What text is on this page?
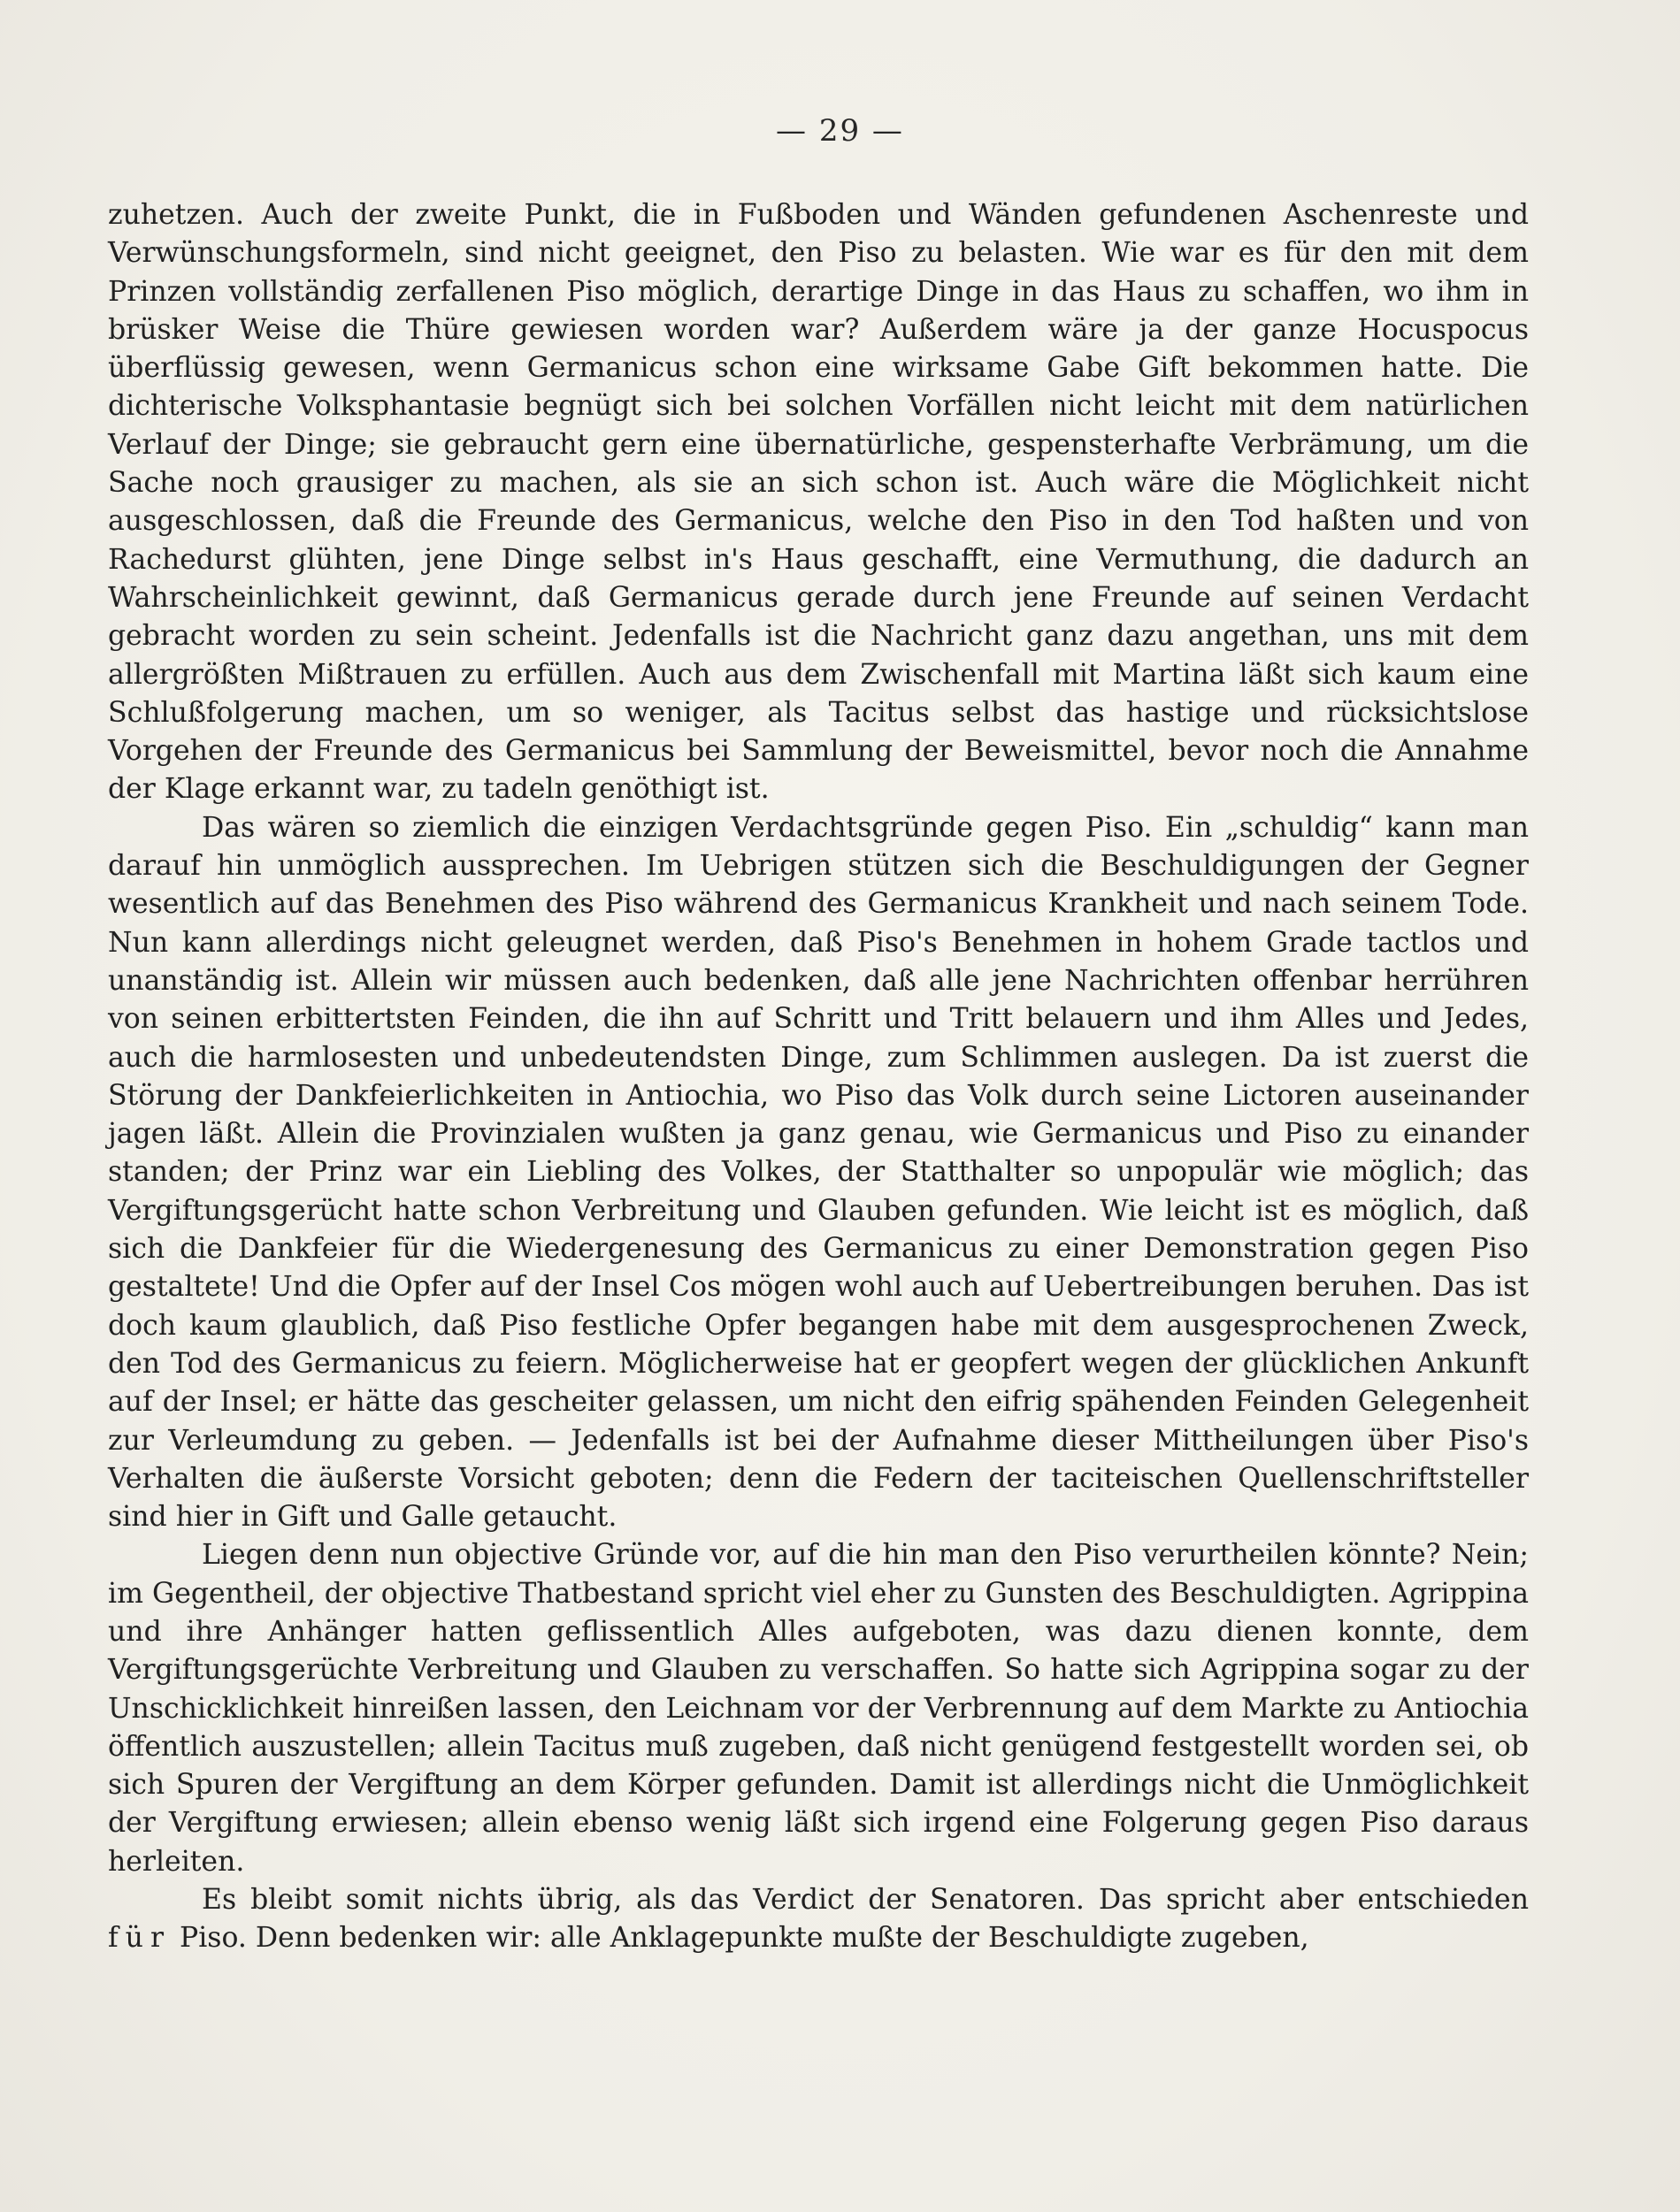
— 29 —

zuhetzen. Auch der zweite Punkt, die in Fußboden und Wänden gefundenen Aschenreste und Verwünschungsformeln, sind nicht geeignet, den Piso zu belasten. Wie war es für den mit dem Prinzen vollständig zerfallenen Piso möglich, derartige Dinge in das Haus zu schaffen, wo ihm in brüsker Weise die Thüre gewiesen worden war? Außerdem wäre ja der ganze Hocuspocus überflüssig gewesen, wenn Germanicus schon eine wirksame Gabe Gift bekommen hatte. Die dichterische Volksphantasie begnügt sich bei solchen Vorfällen nicht leicht mit dem natürlichen Verlauf der Dinge; sie gebraucht gern eine übernatürliche, gespensterhafte Verbrämung, um die Sache noch grausiger zu machen, als sie an sich schon ist. Auch wäre die Möglichkeit nicht ausgeschlossen, daß die Freunde des Germanicus, welche den Piso in den Tod haßten und von Rachedurst glühten, jene Dinge selbst in's Haus geschafft, eine Vermuthung, die dadurch an Wahrscheinlichkeit gewinnt, daß Germanicus gerade durch jene Freunde auf seinen Verdacht gebracht worden zu sein scheint. Jedenfalls ist die Nachricht ganz dazu angethan, uns mit dem allergrößten Mißtrauen zu erfüllen. Auch aus dem Zwischenfall mit Martina läßt sich kaum eine Schlußfolgerung machen, um so weniger, als Tacitus selbst das hastige und rücksichtslose Vorgehen der Freunde des Germanicus bei Sammlung der Beweismittel, bevor noch die Annahme der Klage erkannt war, zu tadeln genöthigt ist.

Das wären so ziemlich die einzigen Verdachtsgründe gegen Piso. Ein „schuldig“ kann man darauf hin unmöglich aussprechen. Im Uebrigen stützen sich die Beschuldigungen der Gegner wesentlich auf das Benehmen des Piso während des Germanicus Krankheit und nach seinem Tode. Nun kann allerdings nicht geleugnet werden, daß Piso's Benehmen in hohem Grade tactlos und unanständig ist. Allein wir müssen auch bedenken, daß alle jene Nachrichten offenbar herrühren von seinen erbittertsten Feinden, die ihn auf Schritt und Tritt belauern und ihm Alles und Jedes, auch die harmlosesten und unbedeutendsten Dinge, zum Schlimmen auslegen. Da ist zuerst die Störung der Dankfeierlichkeiten in Antiochia, wo Piso das Volk durch seine Lictoren auseinander jagen läßt. Allein die Provinzialen wußten ja ganz genau, wie Germanicus und Piso zu einander standen; der Prinz war ein Liebling des Volkes, der Statthalter so unpopulär wie möglich; das Vergiftungsgerücht hatte schon Verbreitung und Glauben gefunden. Wie leicht ist es möglich, daß sich die Dankfeier für die Wiedergenesung des Germanicus zu einer Demonstration gegen Piso gestaltete! Und die Opfer auf der Insel Cos mögen wohl auch auf Uebertreibungen beruhen. Das ist doch kaum glaublich, daß Piso festliche Opfer begangen habe mit dem ausgesprochenen Zweck, den Tod des Germanicus zu feiern. Möglicherweise hat er geopfert wegen der glücklichen Ankunft auf der Insel; er hätte das gescheiter gelassen, um nicht den eifrig spähenden Feinden Gelegenheit zur Verleumdung zu geben. — Jedenfalls ist bei der Aufnahme dieser Mittheilungen über Piso's Verhalten die äußerste Vorsicht geboten; denn die Federn der taciteischen Quellenschriftsteller sind hier in Gift und Galle getaucht.

Liegen denn nun objective Gründe vor, auf die hin man den Piso verurtheilen könnte? Nein; im Gegentheil, der objective Thatbestand spricht viel eher zu Gunsten des Beschuldigten. Agrippina und ihre Anhänger hatten geflissentlich Alles aufgeboten, was dazu dienen konnte, dem Vergiftungsgerüchte Verbreitung und Glauben zu verschaffen. So hatte sich Agrippina sogar zu der Unschicklichkeit hinreißen lassen, den Leichnam vor der Verbrennung auf dem Markte zu Antiochia öffentlich auszustellen; allein Tacitus muß zugeben, daß nicht genügend festgestellt worden sei, ob sich Spuren der Vergiftung an dem Körper gefunden. Damit ist allerdings nicht die Unmöglichkeit der Vergiftung erwiesen; allein ebenso wenig läßt sich irgend eine Folgerung gegen Piso daraus herleiten.

Es bleibt somit nichts übrig, als das Verdict der Senatoren. Das spricht aber entschieden für Piso. Denn bedenken wir: alle Anklagepunkte mußte der Beschuldigte zugeben,
